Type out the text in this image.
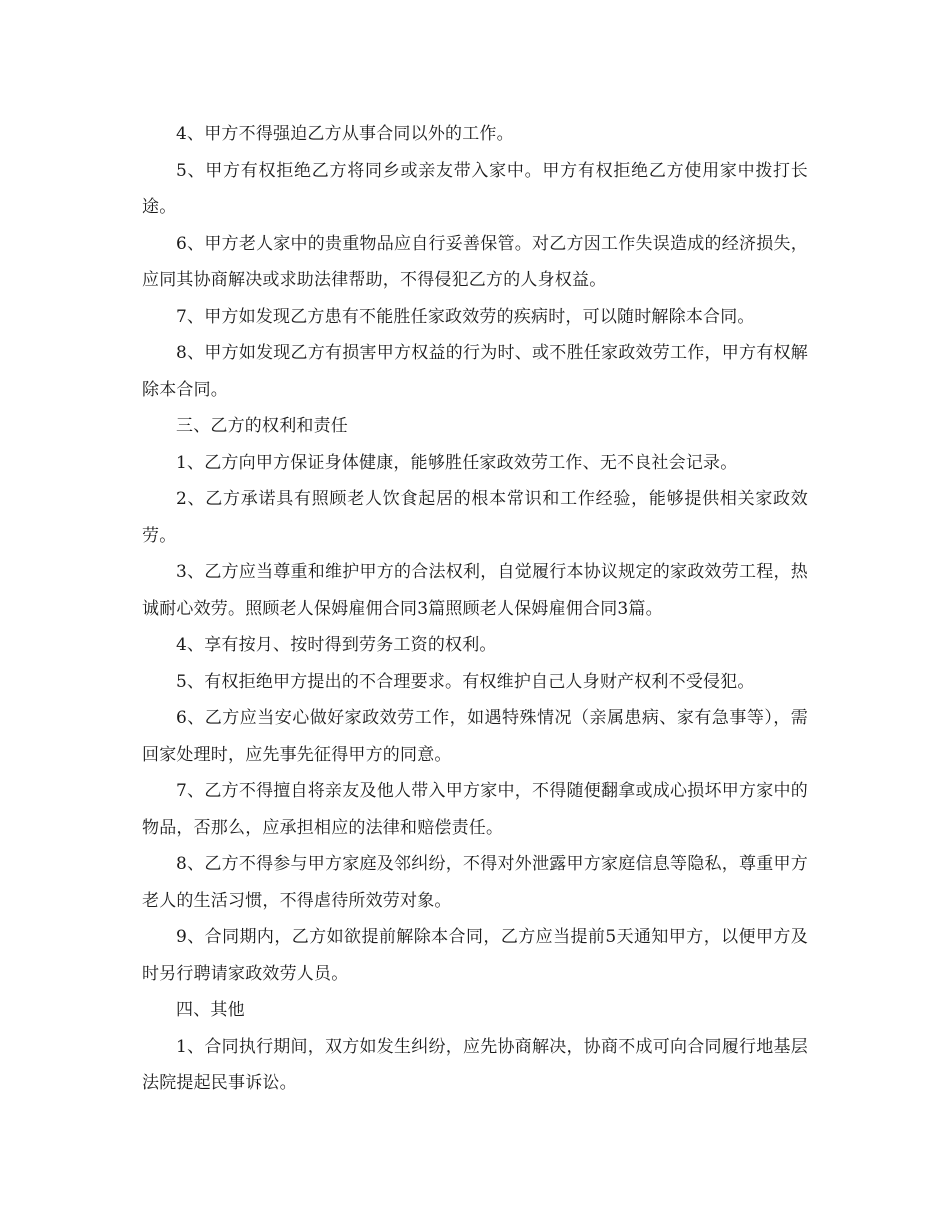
4、甲方不得强迫乙方从事合同以外的工作。

5、甲方有权拒绝乙方将同乡或亲友带入家中。甲方有权拒绝乙方使用家中拨打长途。

6、甲方老人家中的贵重物品应自行妥善保管。对乙方因工作失误造成的经济损失，应同其协商解决或求助法律帮助，不得侵犯乙方的人身权益。

7、甲方如发现乙方患有不能胜任家政效劳的疾病时，可以随时解除本合同。

8、甲方如发现乙方有损害甲方权益的行为时、或不胜任家政效劳工作，甲方有权解除本合同。

三、乙方的权利和责任

1、乙方向甲方保证身体健康，能够胜任家政效劳工作、无不良社会记录。

2、乙方承诺具有照顾老人饮食起居的根本常识和工作经验，能够提供相关家政效劳。

3、乙方应当尊重和维护甲方的合法权利，自觉履行本协议规定的家政效劳工程，热诚耐心效劳。照顾老人保姆雇佣合同3篇照顾老人保姆雇佣合同3篇。

4、享有按月、按时得到劳务工资的权利。

5、有权拒绝甲方提出的不合理要求。有权维护自己人身财产权利不受侵犯。

6、乙方应当安心做好家政效劳工作，如遇特殊情况（亲属患病、家有急事等），需回家处理时，应先事先征得甲方的同意。

7、乙方不得擅自将亲友及他人带入甲方家中，不得随便翻拿或成心损坏甲方家中的物品，否那么，应承担相应的法律和赔偿责任。

8、乙方不得参与甲方家庭及邻纠纷，不得对外泄露甲方家庭信息等隐私，尊重甲方老人的生活习惯，不得虐待所效劳对象。

9、合同期内，乙方如欲提前解除本合同，乙方应当提前5天通知甲方，以便甲方及时另行聘请家政效劳人员。

四、其他

1、合同执行期间，双方如发生纠纷，应先协商解决，协商不成可向合同履行地基层法院提起民事诉讼。
